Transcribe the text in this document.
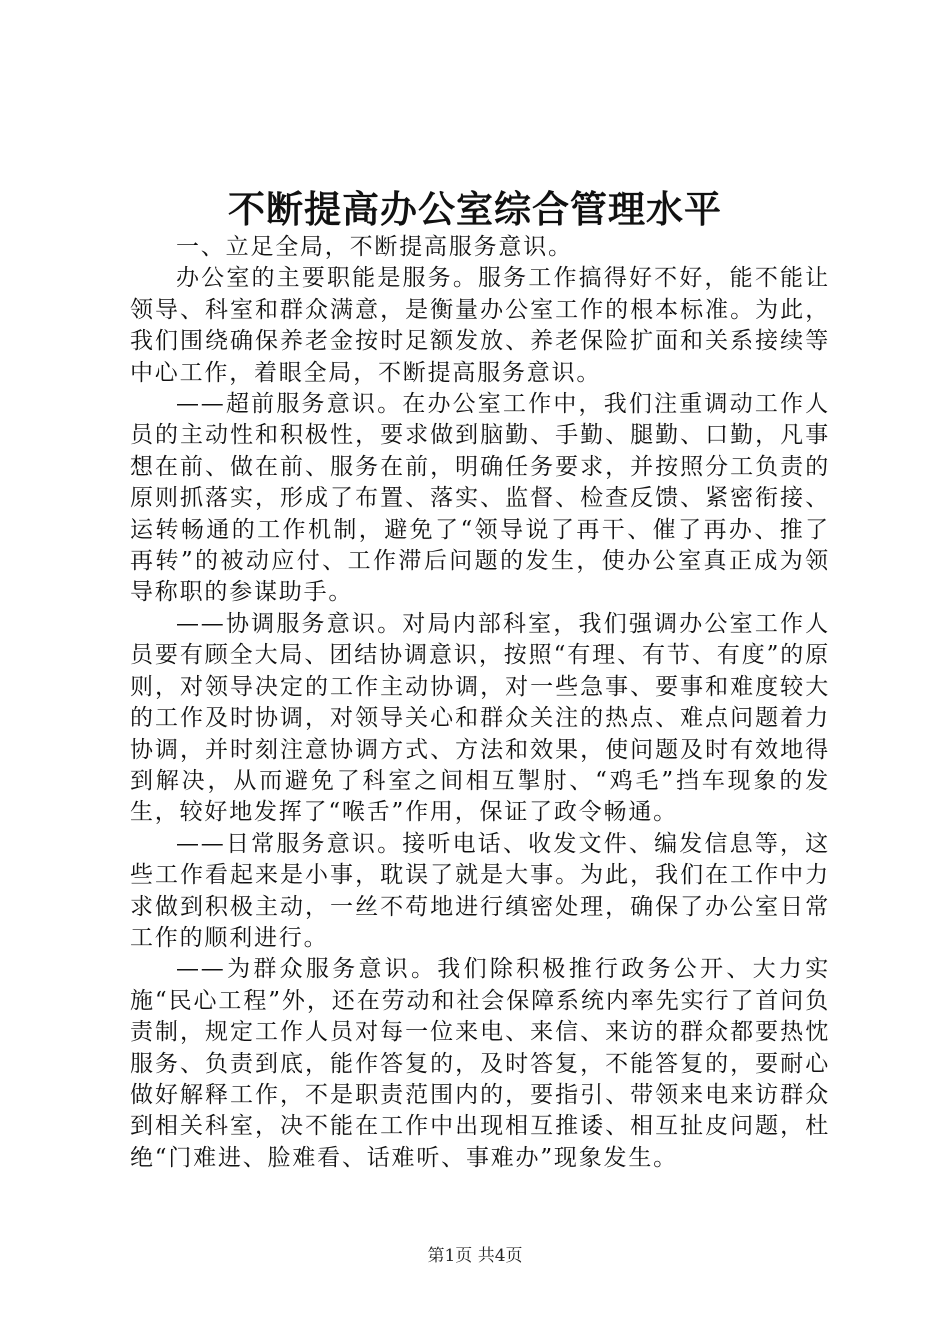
不断提高办公室综合管理水平

一、立足全局，不断提高服务意识。

办公室的主要职能是服务。服务工作搞得好不好，能不能让领导、科室和群众满意，是衡量办公室工作的根本标准。为此，我们围绕确保养老金按时足额发放、养老保险扩面和关系接续等中心工作，着眼全局，不断提高服务意识。

——超前服务意识。在办公室工作中，我们注重调动工作人员的主动性和积极性，要求做到脑勤、手勤、腿勤、口勤，凡事想在前、做在前、服务在前，明确任务要求，并按照分工负责的原则抓落实，形成了布置、落实、监督、检查反馈、紧密衔接、运转畅通的工作机制，避免了“领导说了再干、催了再办、推了再转”的被动应付、工作滞后问题的发生，使办公室真正成为领导称职的参谋助手。

——协调服务意识。对局内部科室，我们强调办公室工作人员要有顾全大局、团结协调意识，按照“有理、有节、有度”的原则，对领导决定的工作主动协调，对一些急事、要事和难度较大的工作及时协调，对领导关心和群众关注的热点、难点问题着力协调，并时刻注意协调方式、方法和效果，使问题及时有效地得到解决，从而避免了科室之间相互掣肘、“鸡毛”挡车现象的发生，较好地发挥了“喉舌”作用，保证了政令畅通。

——日常服务意识。接听电话、收发文件、编发信息等，这些工作看起来是小事，耽误了就是大事。为此，我们在工作中力求做到积极主动，一丝不苟地进行缜密处理，确保了办公室日常工作的顺利进行。

——为群众服务意识。我们除积极推行政务公开、大力实施“民心工程”外，还在劳动和社会保障系统内率先实行了首问负责制，规定工作人员对每一位来电、来信、来访的群众都要热忱服务、负责到底，能作答复的，及时答复，不能答复的，要耐心做好解释工作，不是职责范围内的，要指引、带领来电来访群众到相关科室，决不能在工作中出现相互推诿、相互扯皮问题，杜绝“门难进、脸难看、话难听、事难办”现象发生。

第1页 共4页
